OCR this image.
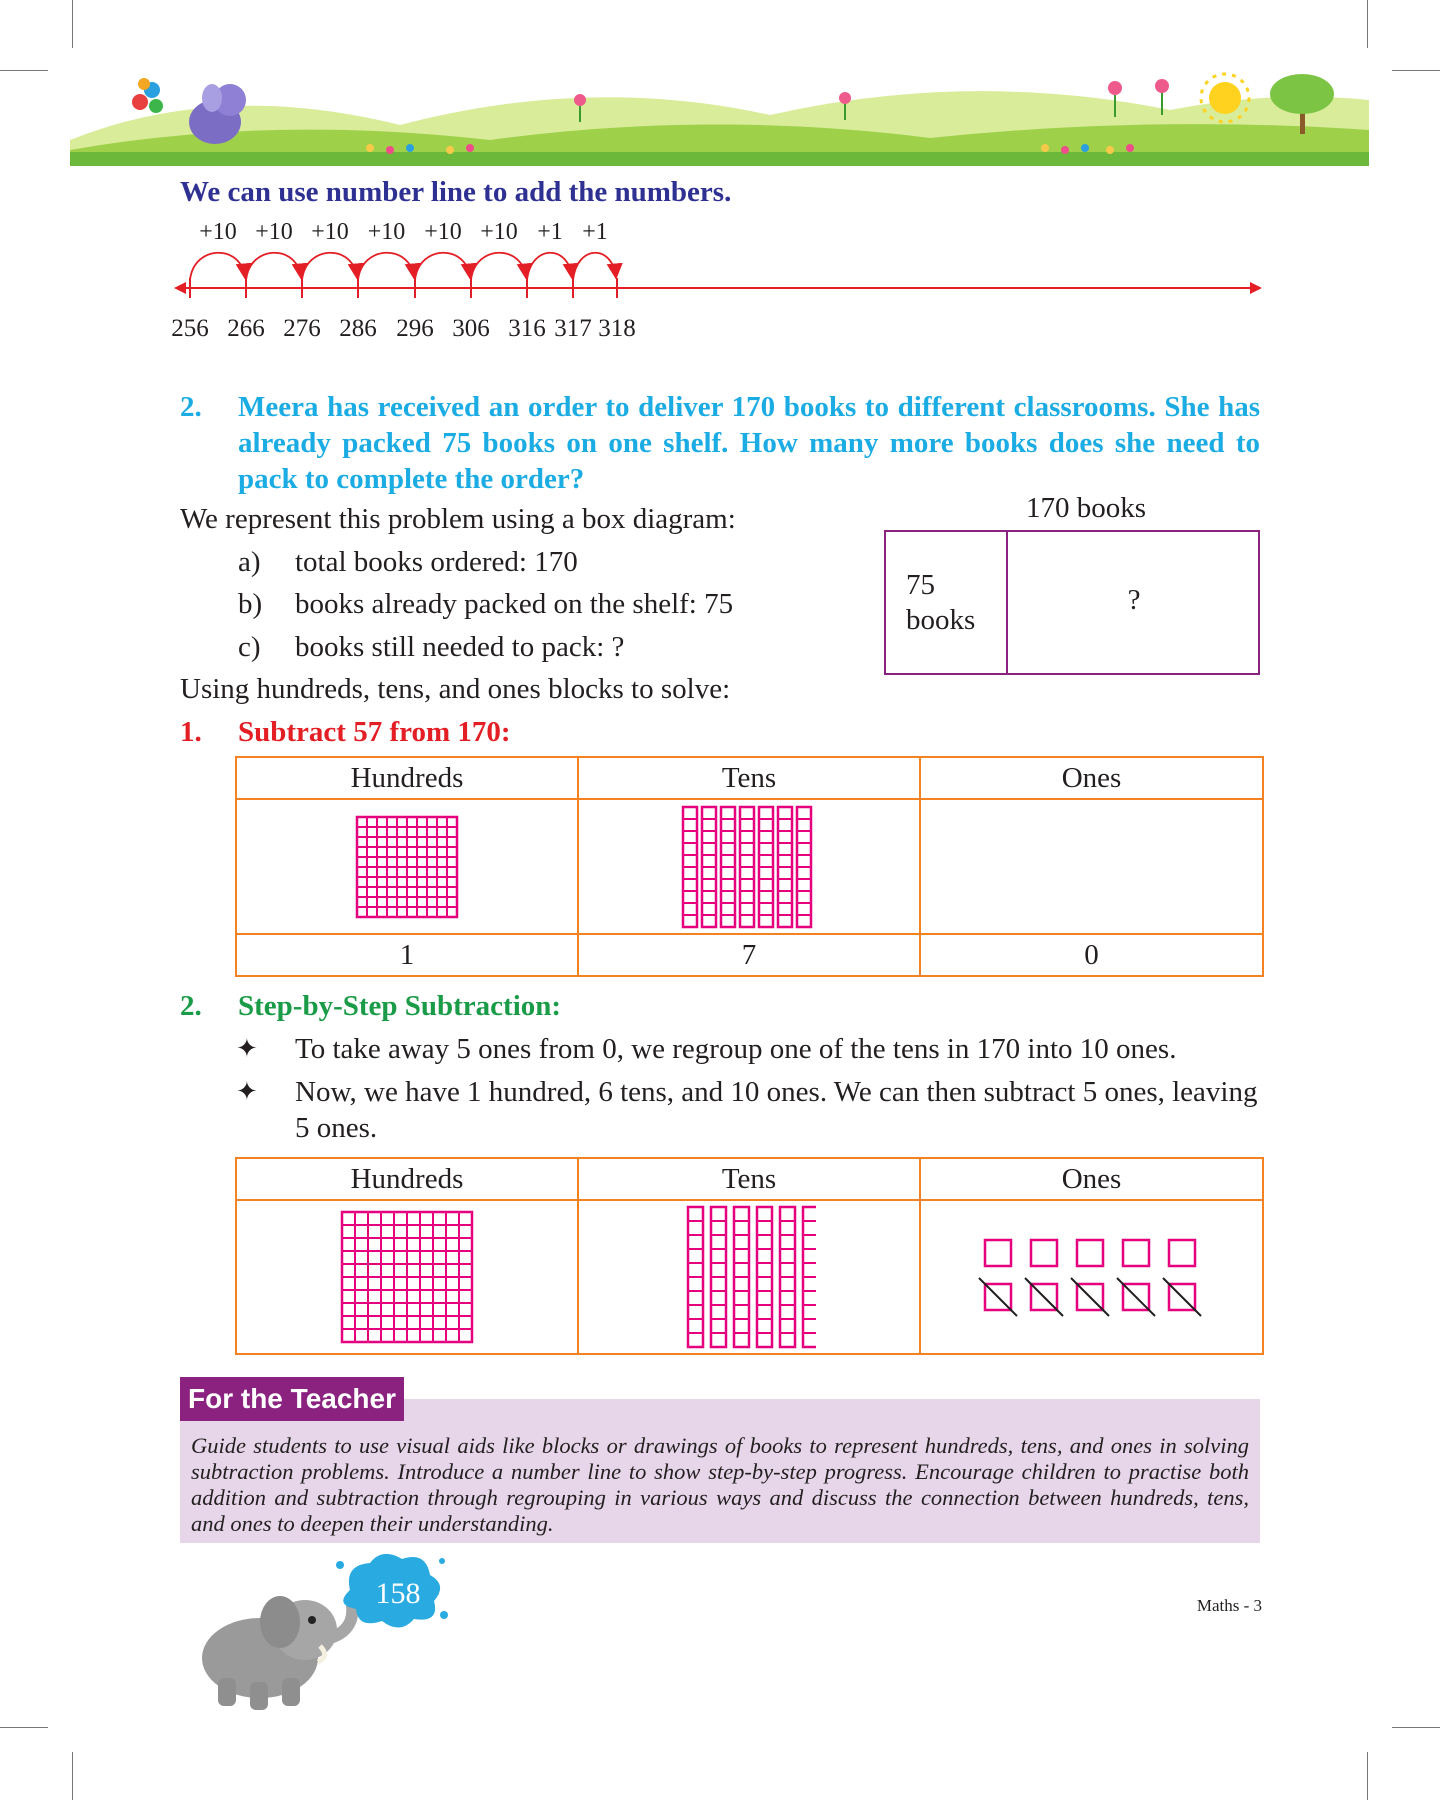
We can use number line to add the numbers.
256 266 276 286 296 306 316 317 318
+10 +10 +10 +10 +10 +10 +1 +1
2. Meera has received an order to deliver 170 books to different classrooms. She has already packed 75 books on one shelf. How many more books does she need to pack to complete the order?
We represent this problem using a box diagram:
a) total books ordered: 170
b) books already packed on the shelf: 75
c) books still needed to pack: ?
170 books
75
books
?
Using hundreds, tens, and ones blocks to solve:
1. Subtract 57 from 170:
Hundreds	Tens	Ones

1	7	0
2. Step-by-Step Subtraction:
✦ To take away 5 ones from 0, we regroup one of the tens in 170 into 10 ones.
✦ Now, we have 1 hundred, 6 tens, and 10 ones. We can then subtract 5 ones, leaving 5 ones.
Hundreds	Tens	Ones

Guide students to use visual aids like blocks or drawings of books to represent hundreds, tens, and ones in solving subtraction problems. Introduce a number line to show step-by-step progress. Encourage children to practise both addition and subtraction through regrouping in various ways and discuss the connection between hundreds, tens, and ones to deepen their understanding.
For the Teacher
158	Maths - 3
